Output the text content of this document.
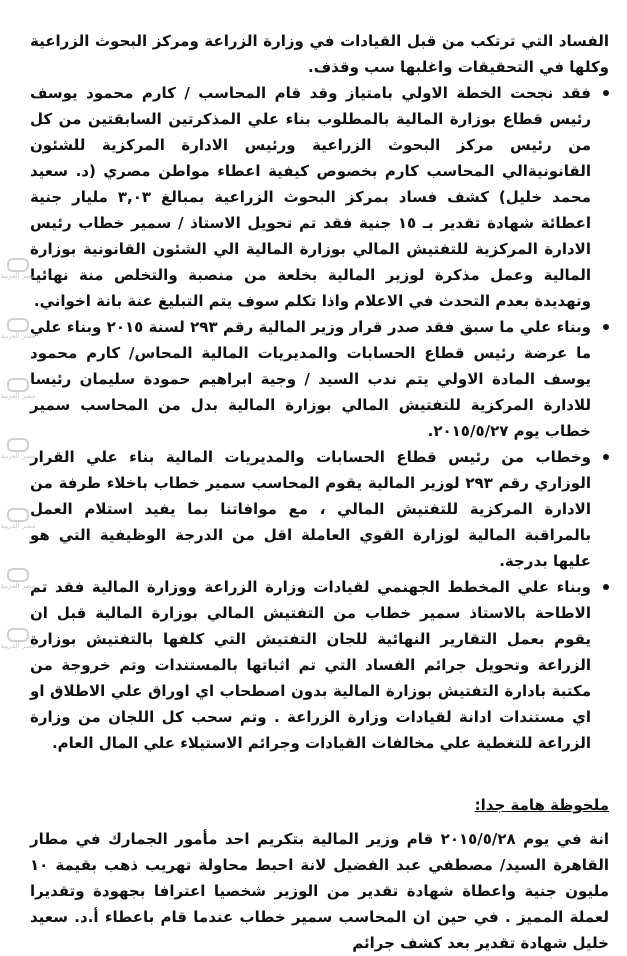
الفساد التي ترتكب من قبل القيادات في وزارة الزراعة ومركز البحوث الزراعية وكلها في التحقيقات واغلبها سب وقذف.

فقد نجحت الخطة الاولي بامتياز وقد قام المحاسب / كارم محمود يوسف رئيس قطاع بوزارة المالية بالمطلوب بناء علي المذكرتين السابقتين من كل من رئيس مركز البحوث الزراعية ورئيس الادارة المركزية للشئون القانونيةالي المحاسب كارم بخصوص كيفية اعطاء مواطن مصري (د. سعيد محمد خليل) كشف فساد بمركز البحوث الزراعية بمبالغ ٣,٠٣ مليار جنية اعطائة شهادة تقدير بـ ١٥ جنية فقد تم تحويل الاستاذ / سمير خطاب رئيس الادارة المركزية للتفتيش المالي بوزارة المالية الي الشئون القانونية بوزارة المالية وعمل مذكرة لوزير المالية بخلعة من منصبة والتخلص منة نهائيا وتهديدة بعدم التحدث في الاعلام واذا تكلم سوف يتم التبليغ عنة بانة اخواني.

وبناء علي ما سبق فقد صدر قرار وزير المالية رقم ٢٩٣ لسنة ٢٠١٥ وبناء علي ما عرضة رئيس قطاع الحسابات والمديريات المالية المحاس/ كارم محمود يوسف المادة الاولي يتم ندب السيد / وجية ابراهيم حمودة سليمان رئيسا للادارة المركزية للتفتيش المالي بوزارة المالية بدل من المحاسب سمير خطاب يوم ٢٠١٥/٥/٢٧.

وخطاب من رئيس قطاع الحسابات والمديريات المالية بناء علي القرار الوزاري رقم ٢٩٣ لوزير المالية يقوم المحاسب سمير خطاب باخلاء طرفة من الادارة المركزية للتفتيش المالي ، مع موافاتنا بما يفيد استلام العمل بالمراقبة المالية لوزارة القوي العاملة اقل من الدرجة الوظيفية التي هو عليها بدرجة.

وبناء علي المخطط الجهنمي لقيادات وزارة الزراعة ووزارة المالية فقد تم الاطاحة بالاستاذ سمير خطاب من التفتيش المالي بوزارة المالية قبل ان يقوم بعمل التقارير النهائية للجان التفتيش التي كلفها بالتفتيش بوزارة الزراعة وتحويل جرائم الفساد التي تم اثباتها بالمستندات وتم خروجة من مكتبة بادارة التفتيش بوزارة المالية بدون اصطحاب اي اوراق علي الاطلاق او اي مستندات ادانة لقيادات وزارة الزراعة . وتم سحب كل اللجان من وزارة الزراعة للتغطية علي مخالفات القيادات وجرائم الاستيلاء علي المال العام.

ملحوظة هامة جدا:

انة في يوم ٢٠١٥/٥/٢٨ قام وزير المالية بتكريم احد مأمور الجمارك في مطار القاهرة السيد/ مصطفي عبد الفضيل لانة احبط محاولة تهريب ذهب بقيمة ١٠ مليون جنية واعطاة شهادة تقدير من الوزير شخصيا اعترافا بجهودة وتقديرا لعملة المميز . في حين ان المحاسب سمير خطاب عندما قام باعطاء أ.د. سعيد خليل شهادة تقدير بعد كشف جرائم

مصر العربية
مصر العربية
مصر العربية
مصر العربية
مصر العربية
مصر العربية
مصر العربية
